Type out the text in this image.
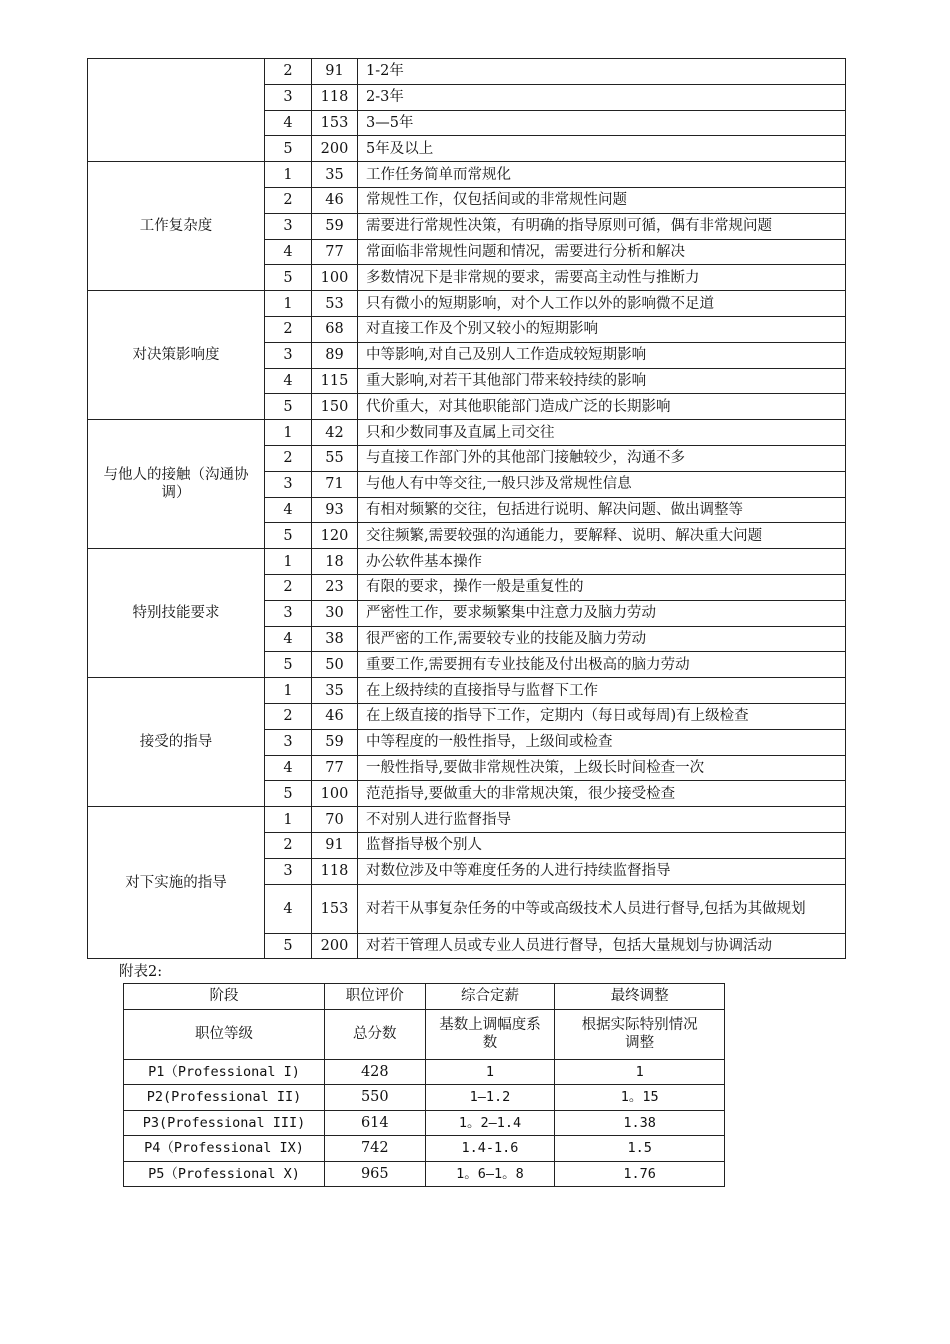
	2	91	1-2年
	3	118	2-3年
	4	153	3—5年
	5	200	5年及以上
工作复杂度	1	35	工作任务简单而常规化
	2	46	常规性工作，仅包括间或的非常规性问题
	3	59	需要进行常规性决策，有明确的指导原则可循，偶有非常规问题
	4	77	常面临非常规性问题和情况，需要进行分析和解决
	5	100	多数情况下是非常规的要求，需要高主动性与推断力
对决策影响度	1	53	只有微小的短期影响，对个人工作以外的影响微不足道
	2	68	对直接工作及个别又较小的短期影响
	3	89	中等影响,对自己及别人工作造成较短期影响
	4	115	重大影响,对若干其他部门带来较持续的影响
	5	150	代价重大，对其他职能部门造成广泛的长期影响
与他人的接触（沟通协调）	1	42	只和少数同事及直属上司交往
	2	55	与直接工作部门外的其他部门接触较少，沟通不多
	3	71	与他人有中等交往,一般只涉及常规性信息
	4	93	有相对频繁的交往，包括进行说明、解决问题、做出调整等
	5	120	交往频繁,需要较强的沟通能力，要解释、说明、解决重大问题
特别技能要求	1	18	办公软件基本操作
	2	23	有限的要求，操作一般是重复性的
	3	30	严密性工作，要求频繁集中注意力及脑力劳动
	4	38	很严密的工作,需要较专业的技能及脑力劳动
	5	50	重要工作,需要拥有专业技能及付出极高的脑力劳动
接受的指导	1	35	在上级持续的直接指导与监督下工作
	2	46	在上级直接的指导下工作，定期内（每日或每周)有上级检查
	3	59	中等程度的一般性指导，上级间或检查
	4	77	一般性指导,要做非常规性决策，上级长时间检查一次
	5	100	范范指导,要做重大的非常规决策，很少接受检查
对下实施的指导	1	70	不对别人进行监督指导
	2	91	监督指导极个别人
	3	118	对数位涉及中等难度任务的人进行持续监督指导
	4	153	对若干从事复杂任务的中等或高级技术人员进行督导,包括为其做规划
	5	200	对若干管理人员或专业人员进行督导，包括大量规划与协调活动
附表2:
阶段	职位评价	综合定薪	最终调整
职位等级	总分数	基数上调幅度系数	根据实际特别情况调整
P1（Professional I)	428	1	1
P2(Professional II)	550	1—1.2	1。15
P3(Professional III)	614	1。2—1.4	1.38
P4（Professional IX)	742	1.4-1.6	1.5
P5（Professional X)	965	1。6—1。8	1.76
